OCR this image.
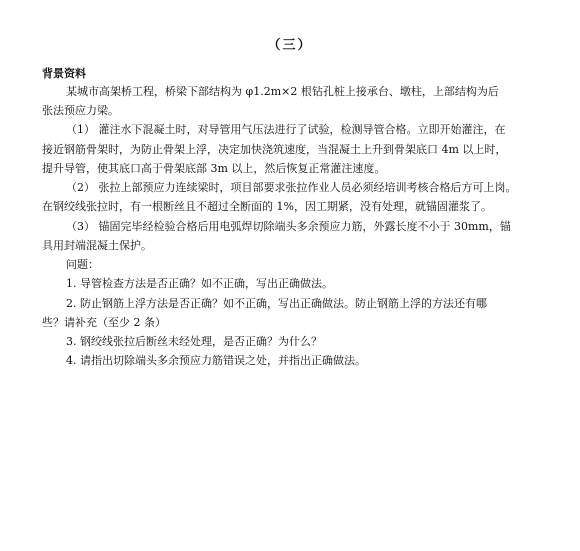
（三）
背景资料
某城市高架桥工程，桥梁下部结构为 φ1.2m×2 根钻孔桩上接承台、墩柱，上部结构为后
张法预应力梁。
（1） 灌注水下混凝土时，对导管用气压法进行了试验，检测导管合格。立即开始灌注，在
接近钢筋骨架时，为防止骨架上浮，决定加快浇筑速度，当混凝土上升到骨架底口 4m 以上时，
提升导管，使其底口高于骨架底部 3m 以上，然后恢复正常灌注速度。
（2） 张拉上部预应力连续梁时，项目部要求张拉作业人员必须经培训考核合格后方可上岗。
在钢绞线张拉时，有一根断丝且不超过全断面的 1%，因工期紧，没有处理，就锚固灌浆了。
（3） 锚固完毕经检验合格后用电弧焊切除端头多余预应力筋，外露长度不小于 30mm，锚
具用封端混凝土保护。
问题：
1. 导管检查方法是否正确？如不正确，写出正确做法。
2. 防止钢筋上浮方法是否正确？如不正确，写出正确做法。防止钢筋上浮的方法还有哪
些？请补充（至少 2 条）
3. 钢绞线张拉后断丝未经处理，是否正确？为什么？
4. 请指出切除端头多余预应力筋错误之处，并指出正确做法。
